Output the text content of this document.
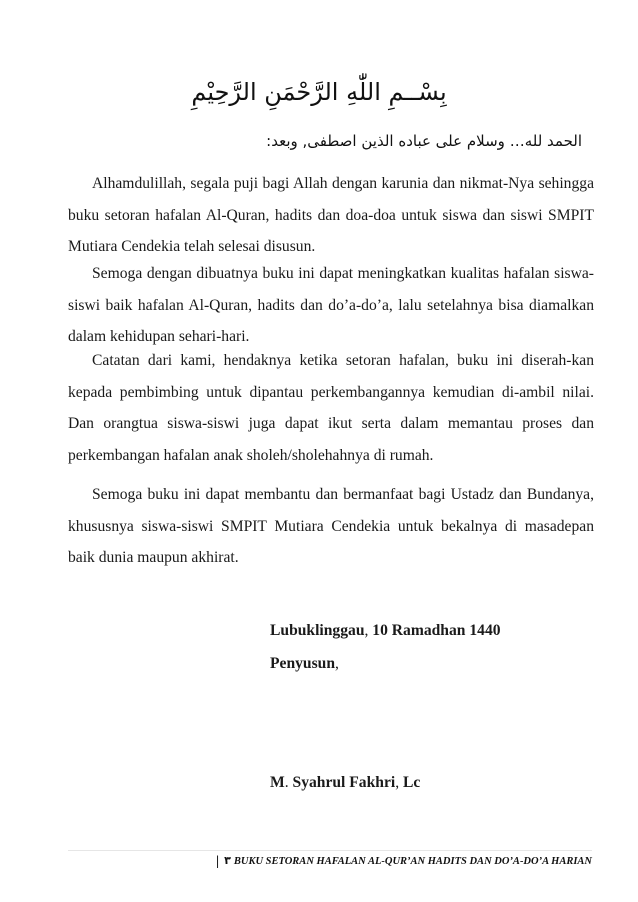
بِسْــمِ اللّٰهِ الرَّحْمَنِ الرَّحِيْمِ
الحمد لله… وسلام على عباده الذين اصطفى, وبعد:

Alhamdulillah, segala puji bagi Allah dengan karunia dan nikmat-Nya sehingga buku setoran hafalan Al-Quran, hadits dan doa-doa untuk siswa dan siswi SMPIT Mutiara Cendekia telah selesai disusun.

Semoga dengan dibuatnya buku ini dapat meningkatkan kualitas hafalan siswa-siswi baik hafalan Al-Quran, hadits dan do’a-do’a, lalu setelahnya bisa diamalkan dalam kehidupan sehari-hari.

Catatan dari kami, hendaknya ketika setoran hafalan, buku ini diserah-kan kepada pembimbing untuk dipantau perkembangannya kemudian di-ambil nilai. Dan orangtua siswa-siswi juga dapat ikut serta dalam memantau proses dan perkembangan hafalan anak sholeh/sholehahnya di rumah.

Semoga buku ini dapat membantu dan bermanfaat bagi Ustadz dan Bundanya, khususnya siswa-siswi SMPIT Mutiara Cendekia untuk bekalnya di masadepan baik dunia maupun akhirat.

Lubuklinggau, 10 Ramadhan 1440
Penyusun,
M. Syahrul Fakhri, Lc
| ٣ BUKU SETORAN HAFALAN AL-QUR’AN HADITS DAN DO’A-DO’A HARIAN
